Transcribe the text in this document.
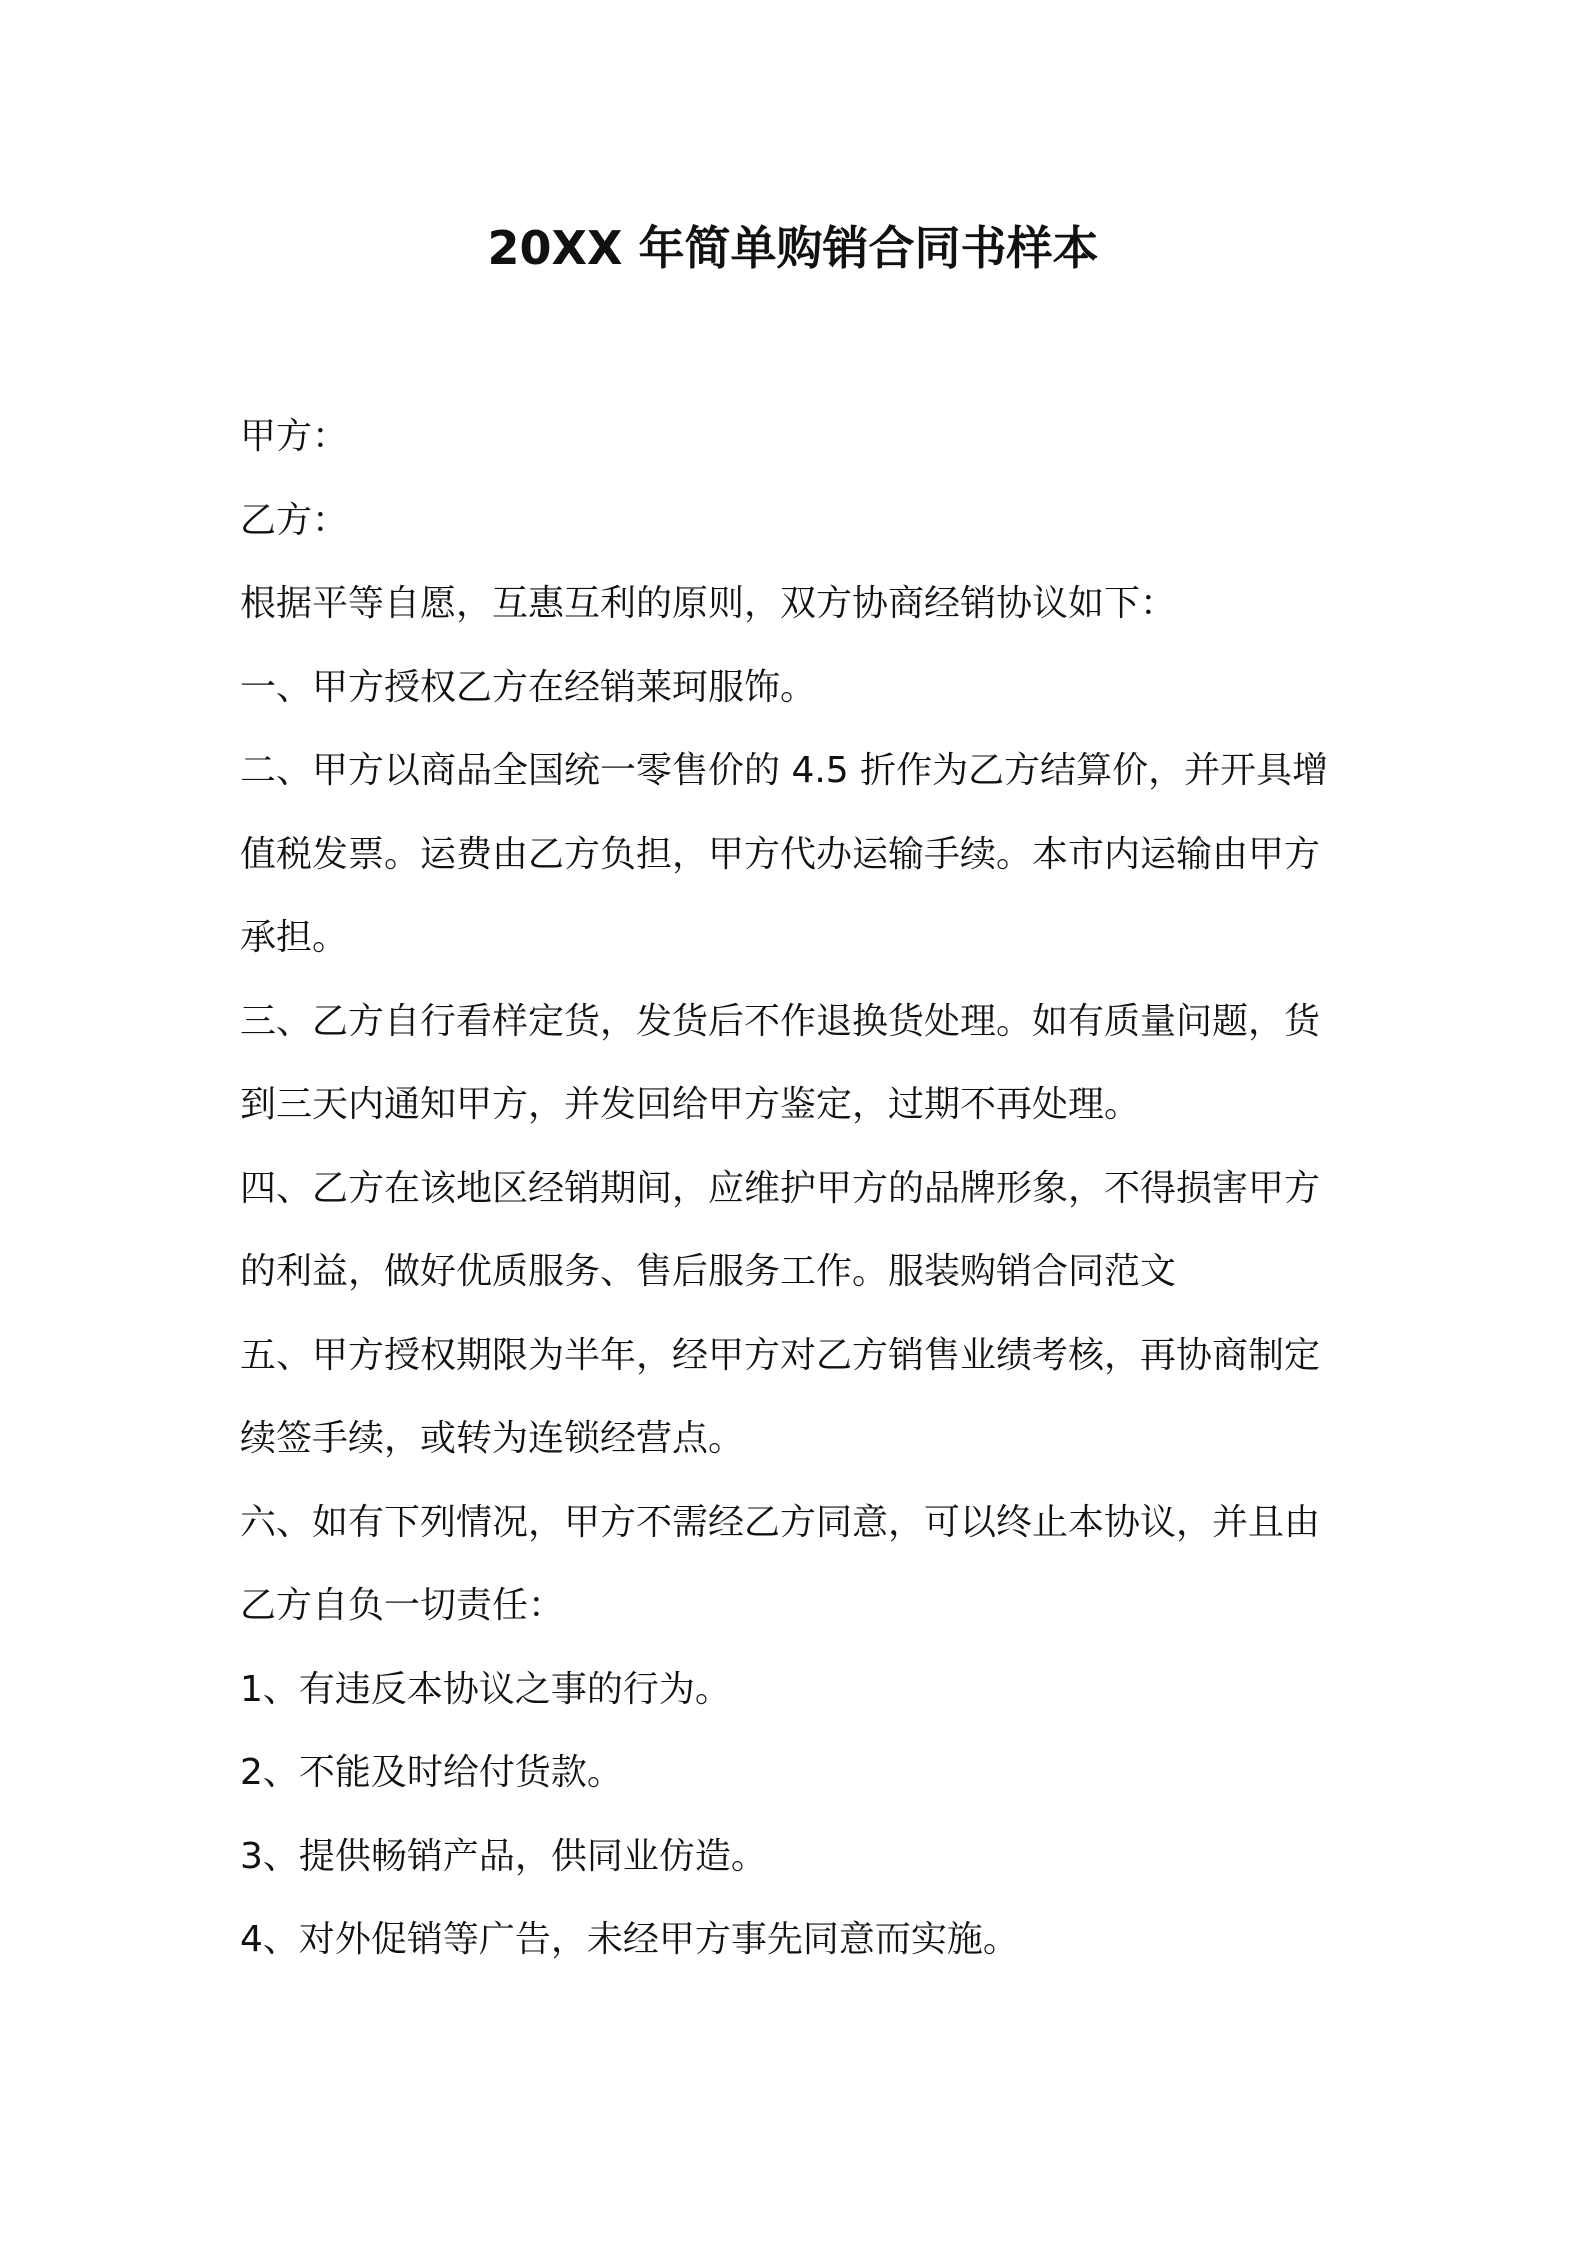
20XX 年简单购销合同书样本
甲方：
乙方：
根据平等自愿，互惠互利的原则，双方协商经销协议如下：
一、甲方授权乙方在经销莱珂服饰。
二、甲方以商品全国统一零售价的 4.5 折作为乙方结算价，并开具增
值税发票。运费由乙方负担，甲方代办运输手续。本市内运输由甲方
承担。
三、乙方自行看样定货，发货后不作退换货处理。如有质量问题，货
到三天内通知甲方，并发回给甲方鉴定，过期不再处理。
四、乙方在该地区经销期间，应维护甲方的品牌形象，不得损害甲方
的利益，做好优质服务、售后服务工作。服装购销合同范文
五、甲方授权期限为半年，经甲方对乙方销售业绩考核，再协商制定
续签手续，或转为连锁经营点。
六、如有下列情况，甲方不需经乙方同意，可以终止本协议，并且由
乙方自负一切责任：
1、有违反本协议之事的行为。
2、不能及时给付货款。
3、提供畅销产品，供同业仿造。
4、对外促销等广告，未经甲方事先同意而实施。
